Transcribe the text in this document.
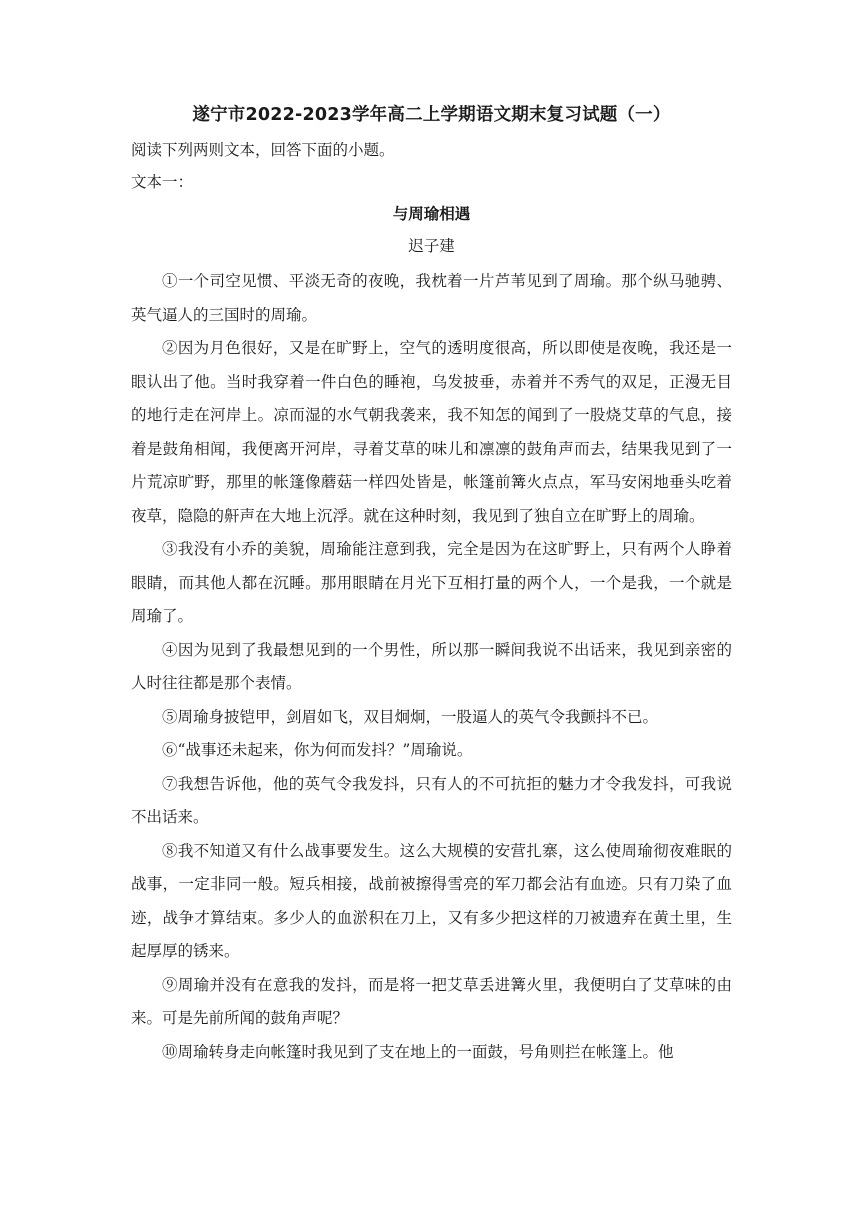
遂宁市2022-2023学年高二上学期语文期末复习试题（一）

阅读下列两则文本，回答下面的小题。

文本一：

与周瑜相遇

迟子建

①一个司空见惯、平淡无奇的夜晚，我枕着一片芦苇见到了周瑜。那个纵马驰骋、英气逼人的三国时的周瑜。

②因为月色很好，又是在旷野上，空气的透明度很高，所以即使是夜晚，我还是一眼认出了他。当时我穿着一件白色的睡袍，乌发披垂，赤着并不秀气的双足，正漫无目的地行走在河岸上。凉而湿的水气朝我袭来，我不知怎的闻到了一股烧艾草的气息，接着是鼓角相闻，我便离开河岸，寻着艾草的味儿和凛凛的鼓角声而去，结果我见到了一片荒凉旷野，那里的帐篷像蘑菇一样四处皆是，帐篷前篝火点点，军马安闲地垂头吃着夜草，隐隐的鼾声在大地上沉浮。就在这种时刻，我见到了独自立在旷野上的周瑜。

③我没有小乔的美貌，周瑜能注意到我，完全是因为在这旷野上，只有两个人睁着眼睛，而其他人都在沉睡。那用眼睛在月光下互相打量的两个人，一个是我，一个就是周瑜了。

④因为见到了我最想见到的一个男性，所以那一瞬间我说不出话来，我见到亲密的人时往往都是那个表情。

⑤周瑜身披铠甲，剑眉如飞，双目炯炯，一股逼人的英气令我颤抖不已。

⑥“战事还未起来，你为何而发抖？”周瑜说。

⑦我想告诉他，他的英气令我发抖，只有人的不可抗拒的魅力才令我发抖，可我说不出话来。

⑧我不知道又有什么战事要发生。这么大规模的安营扎寨，这么使周瑜彻夜难眠的战事，一定非同一般。短兵相接，战前被擦得雪亮的军刀都会沾有血迹。只有刀染了血迹，战争才算结束。多少人的血淤积在刀上，又有多少把这样的刀被遗弃在黄土里，生起厚厚的锈来。

⑨周瑜并没有在意我的发抖，而是将一把艾草丢进篝火里，我便明白了艾草味的由来。可是先前所闻的鼓角声呢？

⑩周瑜转身走向帐篷时我见到了支在地上的一面鼓，号角则拦在帐篷上。他
